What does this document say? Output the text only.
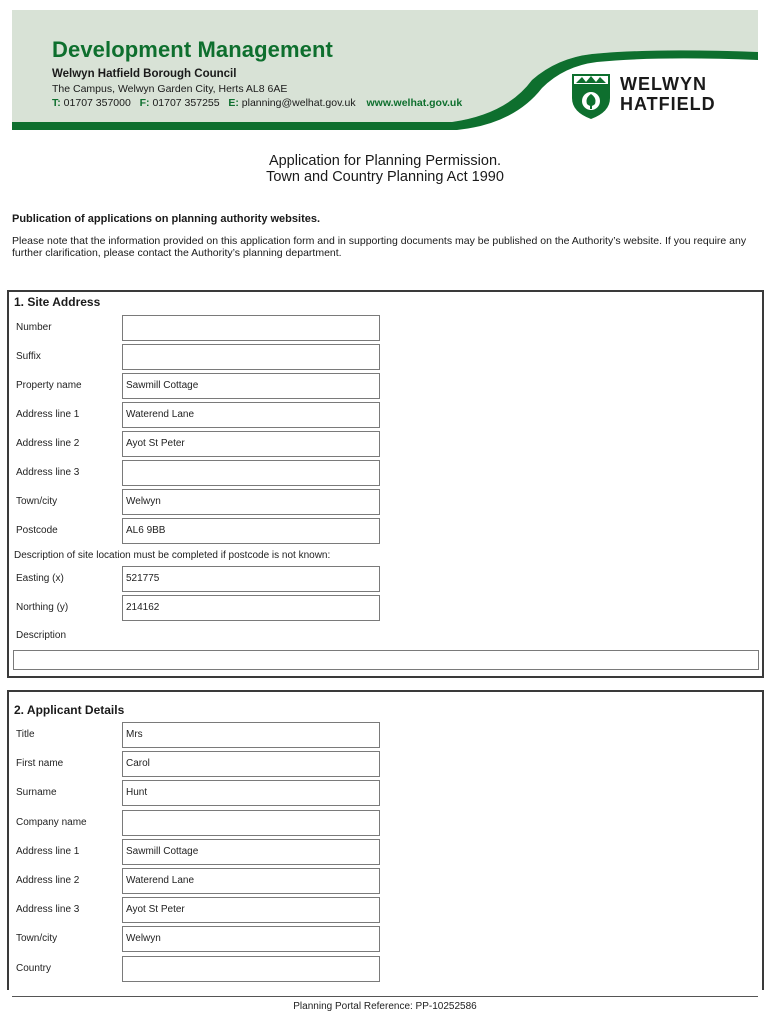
Development Management
Welwyn Hatfield Borough Council
The Campus, Welwyn Garden City, Herts AL8 6AE
T: 01707 357000 F: 01707 357255 E: planning@welhat.gov.uk www.welhat.gov.uk
WELWYN
HATFIELD
Application for Planning Permission.
Town and Country Planning Act 1990
Publication of applications on planning authority websites.
Please note that the information provided on this application form and in supporting documents may be published on the Authority’s website. If you require any further clarification, please contact the Authority’s planning department.
1. Site Address
Number
Suffix
Property name	Sawmill Cottage
Address line 1	Waterend Lane
Address line 2	Ayot St Peter
Address line 3
Town/city	Welwyn
Postcode	AL6 9BB
Description of site location must be completed if postcode is not known:
Easting (x)	521775
Northing (y)	214162
Description
2. Applicant Details
Title	Mrs
First name	Carol
Surname	Hunt
Company name
Address line 1	Sawmill Cottage
Address line 2	Waterend Lane
Address line 3	Ayot St Peter
Town/city	Welwyn
Country
Planning Portal Reference: PP-10252586
